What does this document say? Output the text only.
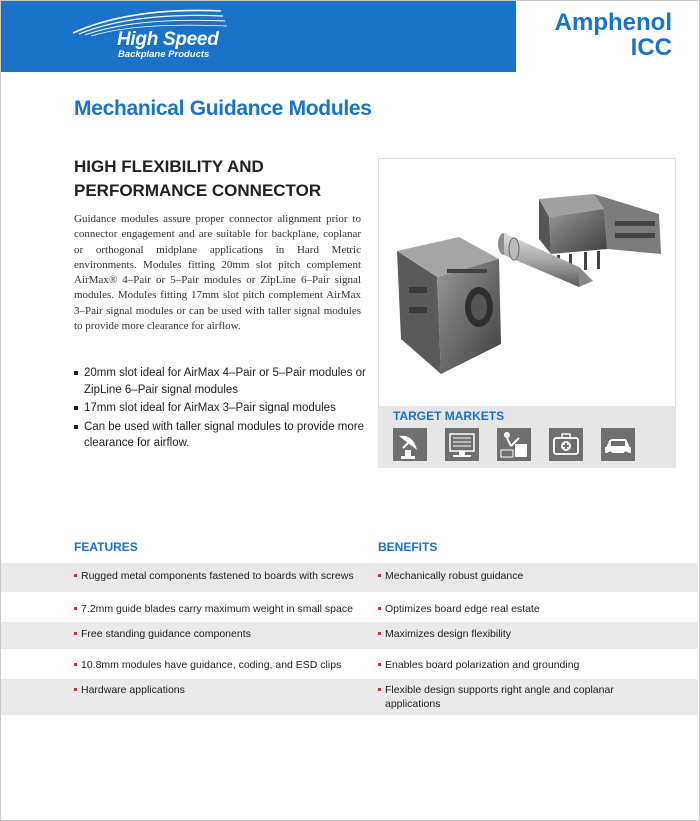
High Speed
Backplane Products
Amphenol
ICC
Mechanical Guidance Modules
HIGH FLEXIBILITY AND PERFORMANCE CONNECTOR
Guidance modules assure proper connector alignment prior to connector engagement and are suitable for backplane, coplanar or orthogonal midplane applications in Hard Metric environments. Modules fitting 20mm slot pitch complement AirMax® 4–Pair or 5–Pair modules or ZipLine 6–Pair signal modules. Modules fitting 17mm slot pitch complement AirMax 3–Pair signal modules or can be used with taller signal modules to provide more clearance for airflow.
20mm slot ideal for AirMax 4–Pair or 5–Pair modules or ZipLine 6–Pair signal modules
17mm slot ideal for AirMax 3–Pair signal modules
Can be used with taller signal modules to provide more clearance for airflow.
TARGET MARKETS
FEATURES	BENEFITS
Rugged metal components fastened to boards with screws
7.2mm guide blades carry maximum weight in small space
Free standing guidance components
10.8mm modules have guidance, coding, and ESD clips
Hardware applications
Mechanically robust guidance
Optimizes board edge real estate
Maximizes design flexibility
Enables board polarization and grounding
Flexible design supports right angle and coplanar applications
